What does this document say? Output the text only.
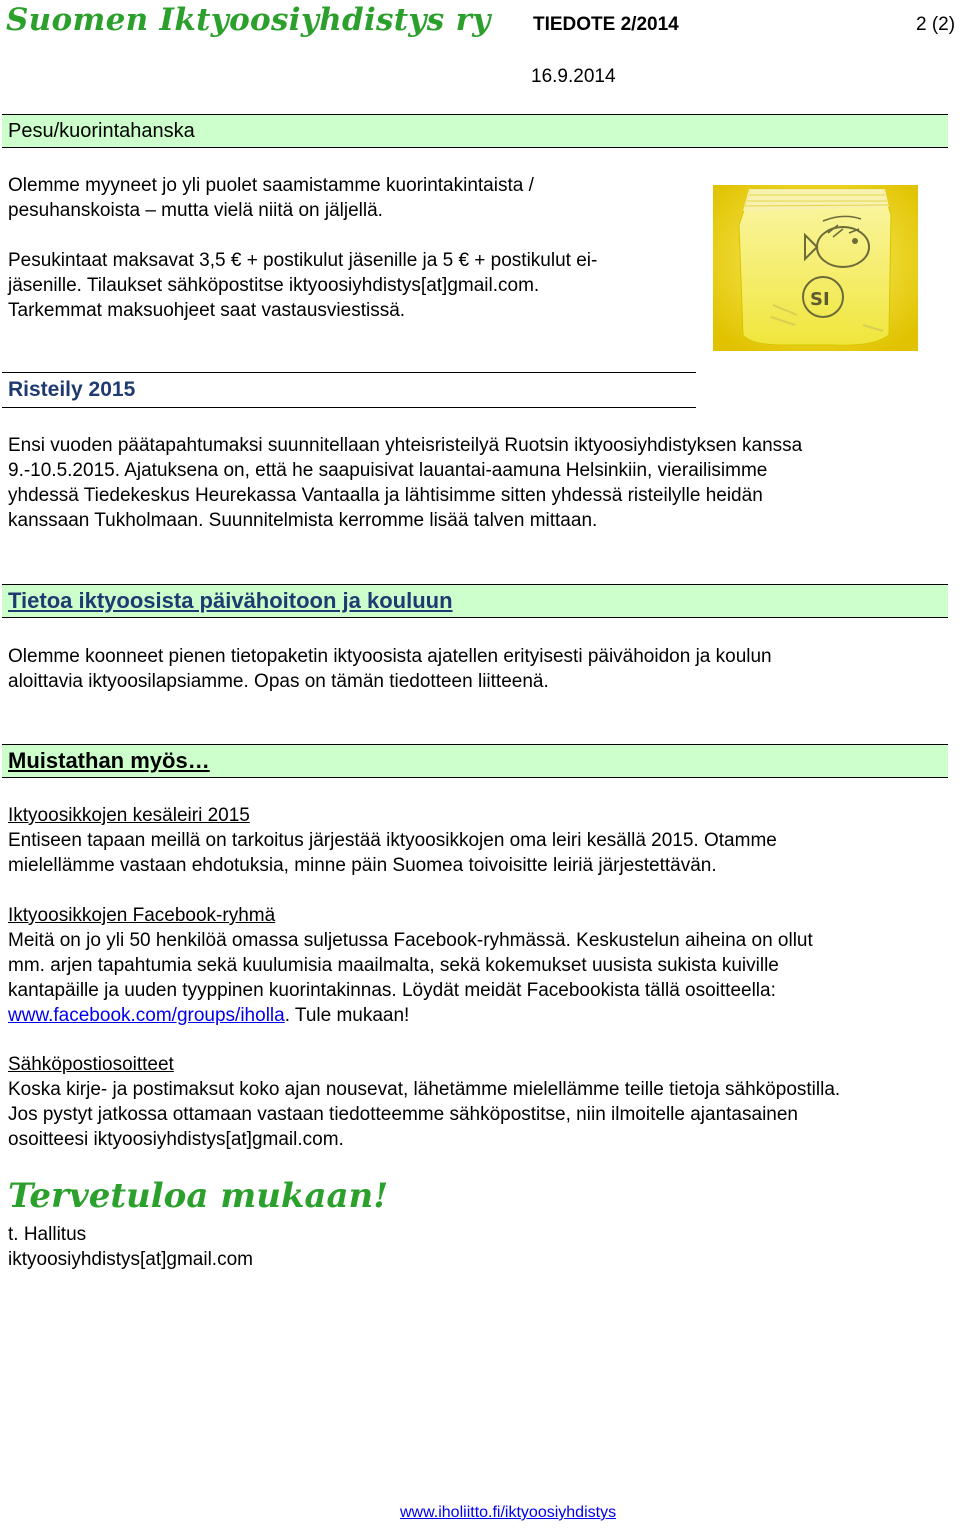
Suomen Iktyoosiyhdistys ry TIEDOTE 2/2014	2 (2)
16.9.2014
Pesu/kuorintahanska
Olemme myyneet jo yli puolet saamistamme kuorintakintaista /
pesuhanskoista – mutta vielä niitä on jäljellä.
Pesukintaat maksavat 3,5 € + postikulut jäsenille ja 5 € + postikulut ei-
jäsenille. Tilaukset sähköpostitse iktyoosiyhdistys[at]gmail.com.
Tarkemmat maksuohjeet saat vastausviestissä.
SI
Risteily 2015
Ensi vuoden päätapahtumaksi suunnitellaan yhteisristeilyä Ruotsin iktyoosiyhdistyksen kanssa
9.-10.5.2015. Ajatuksena on, että he saapuisivat lauantai-aamuna Helsinkiin, vierailisimme
yhdessä Tiedekeskus Heurekassa Vantaalla ja lähtisimme sitten yhdessä risteilylle heidän
kanssaan Tukholmaan. Suunnitelmista kerromme lisää talven mittaan.
Tietoa iktyoosista päivähoitoon ja kouluun
Olemme koonneet pienen tietopaketin iktyoosista ajatellen erityisesti päivähoidon ja koulun
aloittavia iktyoosilapsiamme. Opas on tämän tiedotteen liitteenä.
Muistathan myös…
Iktyoosikkojen kesäleiri 2015
Entiseen tapaan meillä on tarkoitus järjestää iktyoosikkojen oma leiri kesällä 2015. Otamme
mielellämme vastaan ehdotuksia, minne päin Suomea toivoisitte leiriä järjestettävän.
Iktyoosikkojen Facebook-ryhmä
Meitä on jo yli 50 henkilöä omassa suljetussa Facebook-ryhmässä. Keskustelun aiheina on ollut
mm. arjen tapahtumia sekä kuulumisia maailmalta, sekä kokemukset uusista sukista kuiville
kantapäille ja uuden tyyppinen kuorintakinnas. Löydät meidät Facebookista tällä osoitteella:
www.facebook.com/groups/iholla. Tule mukaan!
Sähköpostiosoitteet
Koska kirje- ja postimaksut koko ajan nousevat, lähetämme mielellämme teille tietoja sähköpostilla.
Jos pystyt jatkossa ottamaan vastaan tiedotteemme sähköpostitse, niin ilmoitelle ajantasainen
osoitteesi iktyoosiyhdistys[at]gmail.com.
Tervetuloa mukaan!
t. Hallitus
iktyoosiyhdistys[at]gmail.com
www.iholiitto.fi/iktyoosiyhdistys
